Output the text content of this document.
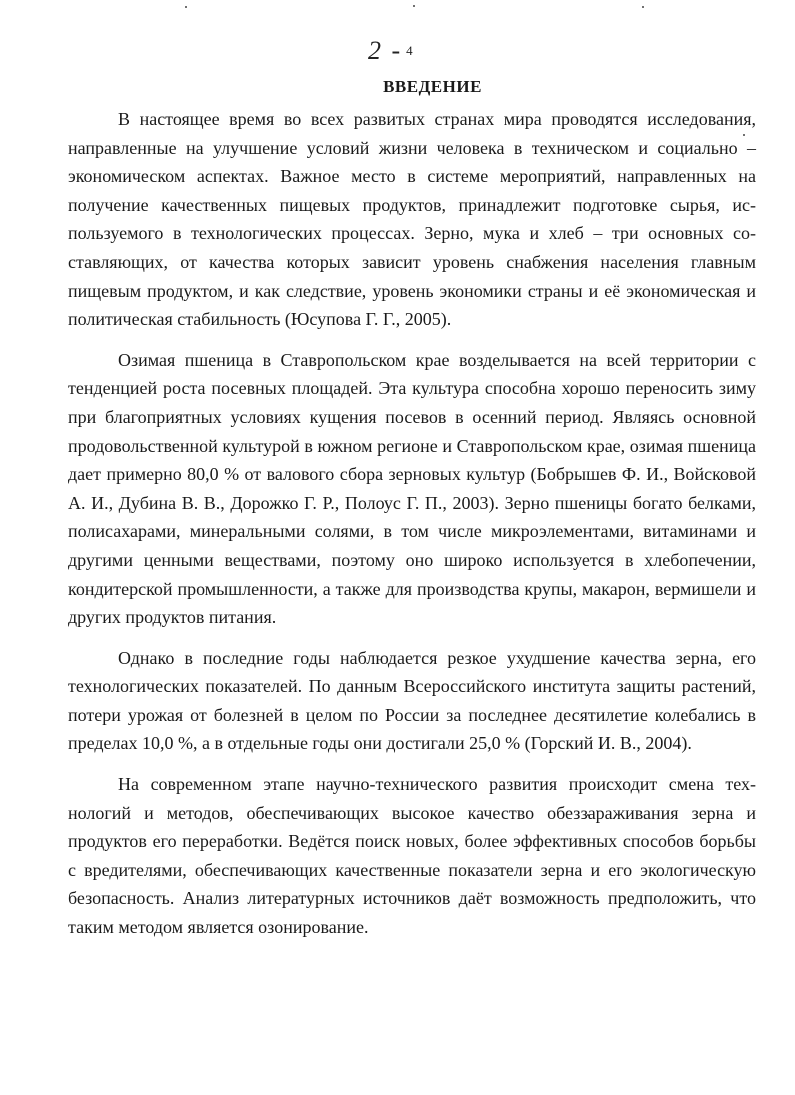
2 - 4
ВВЕДЕНИЕ

В настоящее время во всех развитых странах мира проводятся исследования, направленные на улучшение условий жизни человека в техническом и социально – экономическом аспектах. Важное место в системе мероприятий, направленных на получение качественных пищевых продуктов, принадлежит подготовке сырья, используемого в технологических процессах. Зерно, мука и хлеб – три основных составляющих, от качества которых зависит уровень снабжения населения главным пищевым продуктом, и как следствие, уровень экономики страны и её экономическая и политическая стабильность (Юсупова Г. Г., 2005).

Озимая пшеница в Ставропольском крае возделывается на всей территории с тенденцией роста посевных площадей. Эта культура способна хорошо переносить зиму при благоприятных условиях кущения посевов в осенний период. Являясь основной продовольственной культурой в южном регионе и Ставропольском крае, озимая пшеница дает примерно 80,0 % от валового сбора зерновых культур (Бобрышев Ф. И., Войсковой А. И., Дубина В. В., Дорожко Г. Р., Полоус Г. П., 2003). Зерно пшеницы богато белками, полисахарами, минеральными солями, в том числе микроэлементами, витаминами и другими ценными веществами, поэтому оно широко используется в хлебопечении, кондитерской промышленности, а также для производства крупы, макарон, вермишели и других продуктов питания.

Однако в последние годы наблюдается резкое ухудшение качества зерна, его технологических показателей. По данным Всероссийского института защиты растений, потери урожая от болезней в целом по России за последнее десятилетие колебались в пределах 10,0 %, а в отдельные годы они достигали 25,0 % (Горский И. В., 2004).

На современном этапе научно-технического развития происходит смена технологий и методов, обеспечивающих высокое качество обеззараживания зерна и продуктов его переработки. Ведётся поиск новых, более эффективных способов борьбы с вредителями, обеспечивающих качественные показатели зерна и его экологическую безопасность. Анализ литературных источников даёт возможность предположить, что таким методом является озонирование.
